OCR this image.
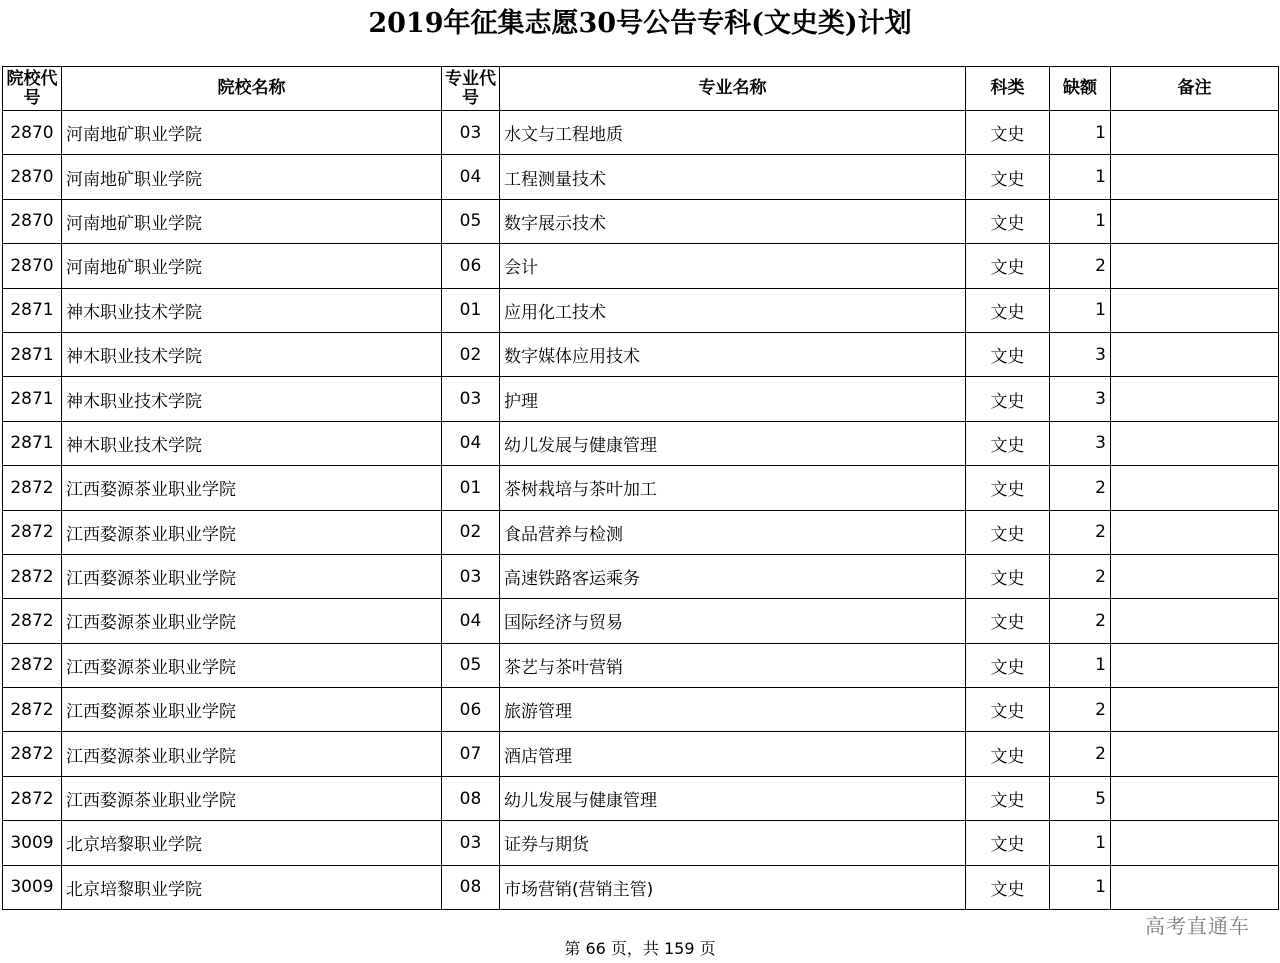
2019年征集志愿30号公告专科(文史类)计划
院校代号	院校名称	专业代号	专业名称	科类	缺额	备注
2870	河南地矿职业学院	03	水文与工程地质	文史	1	
2870	河南地矿职业学院	04	工程测量技术	文史	1	
2870	河南地矿职业学院	05	数字展示技术	文史	1	
2870	河南地矿职业学院	06	会计	文史	2	
2871	神木职业技术学院	01	应用化工技术	文史	1	
2871	神木职业技术学院	02	数字媒体应用技术	文史	3	
2871	神木职业技术学院	03	护理	文史	3	
2871	神木职业技术学院	04	幼儿发展与健康管理	文史	3	
2872	江西婺源茶业职业学院	01	茶树栽培与茶叶加工	文史	2	
2872	江西婺源茶业职业学院	02	食品营养与检测	文史	2	
2872	江西婺源茶业职业学院	03	高速铁路客运乘务	文史	2	
2872	江西婺源茶业职业学院	04	国际经济与贸易	文史	2	
2872	江西婺源茶业职业学院	05	茶艺与茶叶营销	文史	1	
2872	江西婺源茶业职业学院	06	旅游管理	文史	2	
2872	江西婺源茶业职业学院	07	酒店管理	文史	2	
2872	江西婺源茶业职业学院	08	幼儿发展与健康管理	文史	5	
3009	北京培黎职业学院	03	证券与期货	文史	1	
3009	北京培黎职业学院	08	市场营销(营销主管)	文史	1	
高考直通车
第 66 页，共 159 页
